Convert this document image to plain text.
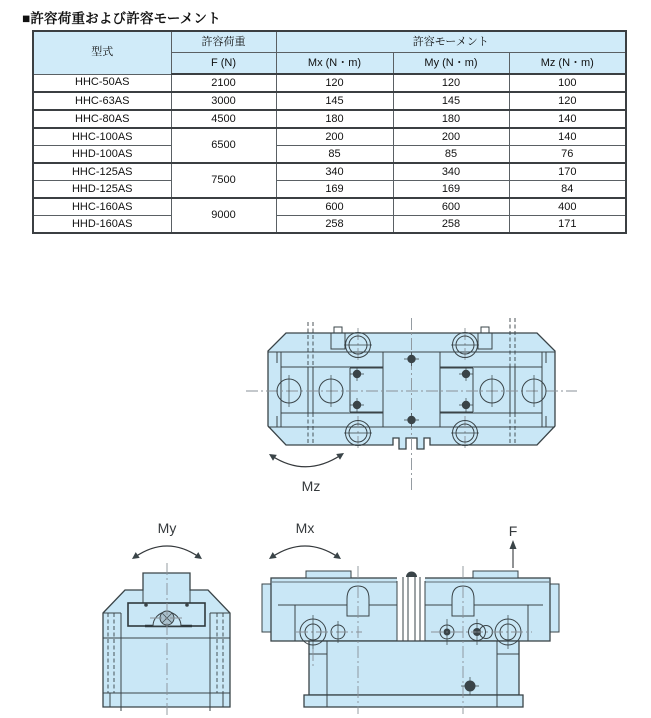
■許容荷重および許容モーメント
型式	許容荷重	許容モーメント		
	F (N)	Mx (N・m)	My (N・m)	Mz (N・m)
HHC-50AS	2100	120	120	100
HHC-63AS	3000	145	145	120
HHC-80AS	4500	180	180	140
HHC-100AS	6500	200	200	140
HHD-100AS		85	85	76
HHC-125AS	7500	340	340	170
HHD-125AS		169	169	84
HHC-160AS	9000	600	600	400
HHD-160AS		258	258	171
Mz
My	Mx	F
